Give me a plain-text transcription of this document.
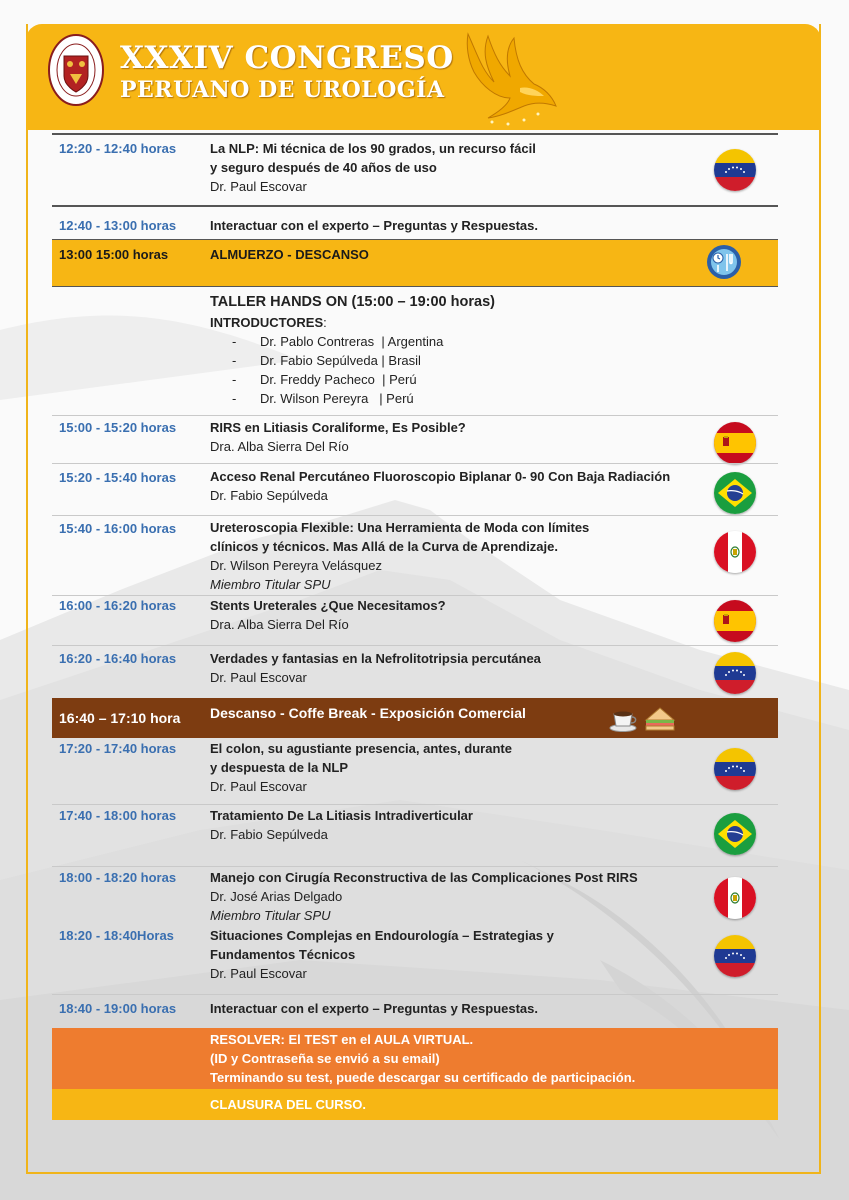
XXXIV CONGRESO
PERUANO DE UROLOGÍA
12:20 - 12:40 horas	La NLP: Mi técnica de los 90 grados, un recurso fácil
y seguro después de 40 años de uso
Dr. Paul Escovar
12:40 - 13:00 horas	Interactuar con el experto – Preguntas y Respuestas.
13:00 15:00 horas	ALMUERZO - DESCANSO
TALLER HANDS ON (15:00 – 19:00 horas)
INTRODUCTORES:
- Dr. Pablo Contreras  | Argentina
- Dr. Fabio Sepúlveda | Brasil
- Dr. Freddy Pacheco  | Perú
- Dr. Wilson Pereyra   | Perú
15:00 - 15:20 horas	RIRS en Litiasis Coraliforme, Es Posible?
Dra. Alba Sierra Del Río
15:20 - 15:40 horas	Acceso Renal Percutáneo Fluoroscopio Biplanar 0- 90 Con Baja Radiación
Dr. Fabio Sepúlveda
15:40 - 16:00 horas	Ureteroscopia Flexible: Una Herramienta de Moda con límites
clínicos y técnicos. Mas Allá de la Curva de Aprendizaje.
Dr. Wilson Pereyra Velásquez
Miembro Titular SPU
16:00 - 16:20 horas	Stents Ureterales ¿Que Necesitamos?
Dra. Alba Sierra Del Río
16:20 - 16:40 horas	Verdades y fantasias en la Nefrolitotripsia percutánea
Dr. Paul Escovar
16:40 – 17:10 hora Descanso - Coffe Break - Exposición Comercial
17:20 - 17:40 horas	El colon, su agustiante presencia, antes, durante
y despuesta de la NLP
Dr. Paul Escovar
17:40 - 18:00 horas	Tratamiento De La Litiasis Intradiverticular
Dr. Fabio Sepúlveda
18:00 - 18:20 horas	Manejo con Cirugía Reconstructiva de las Complicaciones Post RIRS
Dr. José Arias Delgado
Miembro Titular SPU
18:20 - 18:40Horas	Situaciones Complejas en Endourología – Estrategias y
Fundamentos Técnicos
Dr. Paul Escovar
18:40 - 19:00 horas	Interactuar con el experto – Preguntas y Respuestas.
RESOLVER: El TEST en el AULA VIRTUAL.
(ID y Contraseña se envió a su email)
Terminando su test, puede descargar su certificado de participación.
CLAUSURA DEL CURSO.
